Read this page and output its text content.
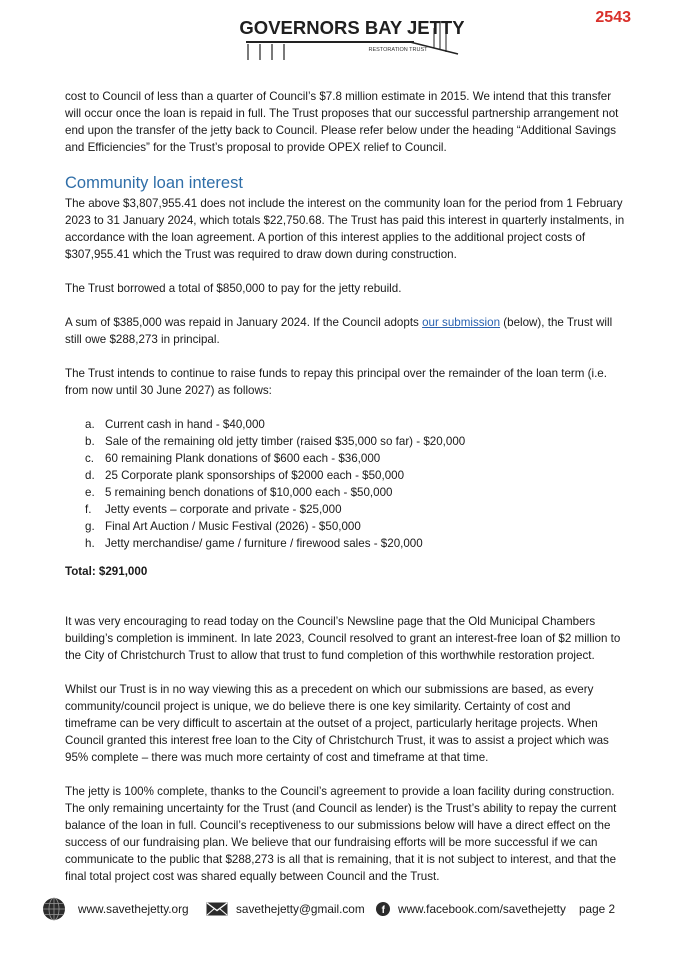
2543
GOVERNORS BAY JETTY
RESTORATION TRUST

cost to Council of less than a quarter of Council’s $7.8 million estimate in 2015. We intend that this transfer will occur once the loan is repaid in full. The Trust proposes that our successful partnership arrangement not end upon the transfer of the jetty back to Council. Please refer below under the heading “Additional Savings and Efficiencies” for the Trust’s proposal to provide OPEX relief to Council.

Community loan interest

The above $3,807,955.41 does not include the interest on the community loan for the period from 1 February 2023 to 31 January 2024, which totals $22,750.68. The Trust has paid this interest in quarterly instalments, in accordance with the loan agreement. A portion of this interest applies to the additional project costs of $307,955.41 which the Trust was required to draw down during construction.

The Trust borrowed a total of $850,000 to pay for the jetty rebuild.

A sum of $385,000 was repaid in January 2024. If the Council adopts our submission (below), the Trust will still owe $288,273 in principal.

The Trust intends to continue to raise funds to repay this principal over the remainder of the loan term (i.e. from now until 30 June 2027) as follows:

a. Current cash in hand - $40,000
b. Sale of the remaining old jetty timber (raised $35,000 so far) - $20,000
c. 60 remaining Plank donations of $600 each - $36,000
d. 25 Corporate plank sponsorships of $2000 each - $50,000
e. 5 remaining bench donations of $10,000 each - $50,000
f.	Jetty events – corporate and private - $25,000
g. Final Art Auction / Music Festival (2026) - $50,000
h. Jetty merchandise/ game / furniture / firewood sales - $20,000

Total: $291,000

It was very encouraging to read today on the Council’s Newsline page that the Old Municipal Chambers building’s completion is imminent. In late 2023, Council resolved to grant an interest-free loan of $2 million to the City of Christchurch Trust to allow that trust to fund completion of this worthwhile restoration project.

Whilst our Trust is in no way viewing this as a precedent on which our submissions are based, as every community/council project is unique, we do believe there is one key similarity. Certainty of cost and timeframe can be very difficult to ascertain at the outset of a project, particularly heritage projects. When Council granted this interest free loan to the City of Christchurch Trust, it was to assist a project which was 95% complete – there was much more certainty of cost and timeframe at that time.

The jetty is 100% complete, thanks to the Council’s agreement to provide a loan facility during construction. The only remaining uncertainty for the Trust (and Council as lender) is the Trust’s ability to repay the current balance of the loan in full. Council’s receptiveness to our submissions below will have a direct effect on the success of our fundraising plan. We believe that our fundraising efforts will be more successful if we can communicate to the public that $288,273 is all that is remaining, that it is not subject to interest, and that the final total project cost was shared equally between Council and the Trust.

www.savethejetty.org	savethejetty@gmail.com f www.facebook.com/savethejetty page 2
